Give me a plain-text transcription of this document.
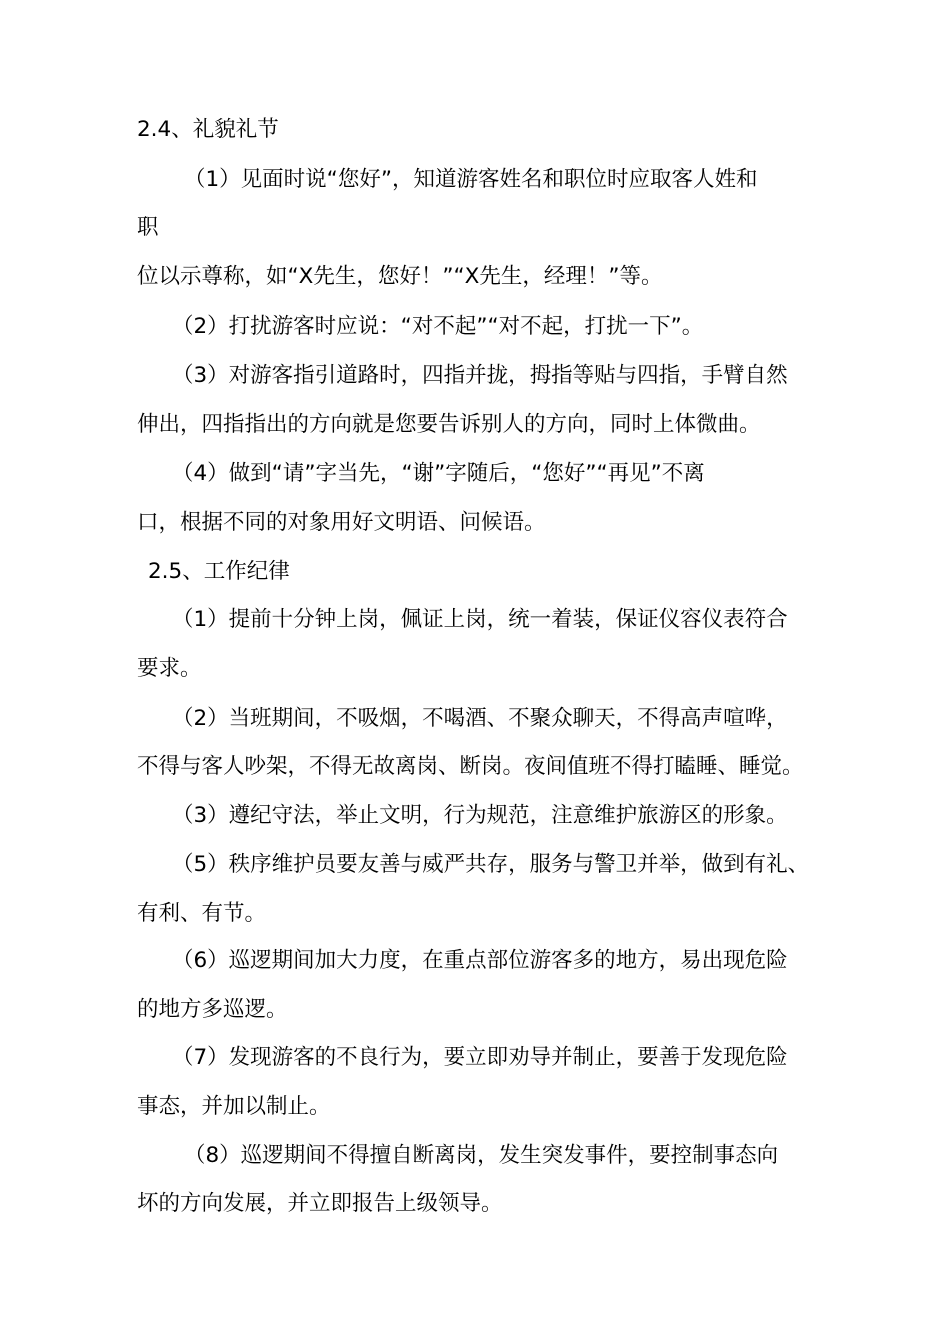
2.4、礼貌礼节
（1）见面时说“您好”，知道游客姓名和职位时应取客人姓和
职
位以示尊称，如“X先生，您好！”“X先生，经理！”等。
（2）打扰游客时应说：“对不起”“对不起，打扰一下”。
（3）对游客指引道路时，四指并拢，拇指等贴与四指，手臂自然
伸出，四指指出的方向就是您要告诉别人的方向，同时上体微曲。
（4）做到“请”字当先，“谢”字随后，“您好”“再见”不离
口，根据不同的对象用好文明语、问候语。
2.5、工作纪律
（1）提前十分钟上岗，佩证上岗，统一着装，保证仪容仪表符合
要求。
（2）当班期间，不吸烟，不喝酒、不聚众聊天，不得高声喧哗，
不得与客人吵架，不得无故离岗、断岗。夜间值班不得打瞌睡、睡觉。
（3）遵纪守法，举止文明，行为规范，注意维护旅游区的形象。
（5）秩序维护员要友善与威严共存，服务与警卫并举，做到有礼、
有利、有节。
（6）巡逻期间加大力度，在重点部位游客多的地方，易出现危险
的地方多巡逻。
（7）发现游客的不良行为，要立即劝导并制止，要善于发现危险
事态，并加以制止。
（8）巡逻期间不得擅自断离岗，发生突发事件，要控制事态向
坏的方向发展，并立即报告上级领导。
